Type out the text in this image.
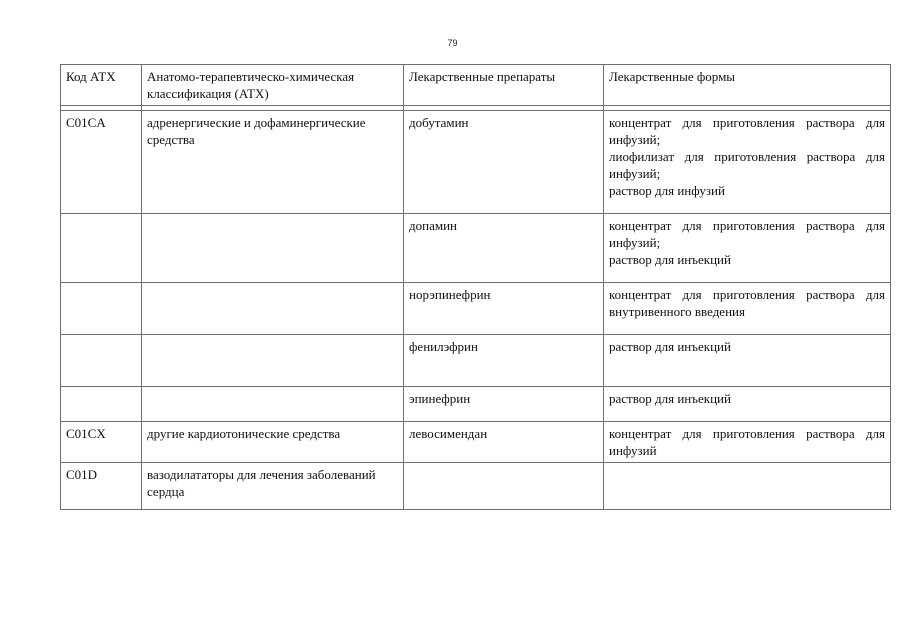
79
Код АТХ	Анатомо-терапевтическо-химическая классификация (АТХ)	Лекарственные препараты	Лекарственные формы

C01CA	адренергические и дофаминергические средства	добутамин	концентрат для приготовления раствора для инфузий;
лиофилизат для приготовления раствора для инфузий;
раствор для инфузий

		допамин	концентрат для приготовления раствора для инфузий;
раствор для инъекций

		норэпинефрин	концентрат для приготовления раствора для внутривенного введения

		фенилэфрин	раствор для инъекций

		эпинефрин	раствор для инъекций

C01CX	другие кардиотонические средства	левосимендан	концентрат для приготовления раствора для инфузий

C01D	вазодилататоры для лечения заболеваний сердца		
